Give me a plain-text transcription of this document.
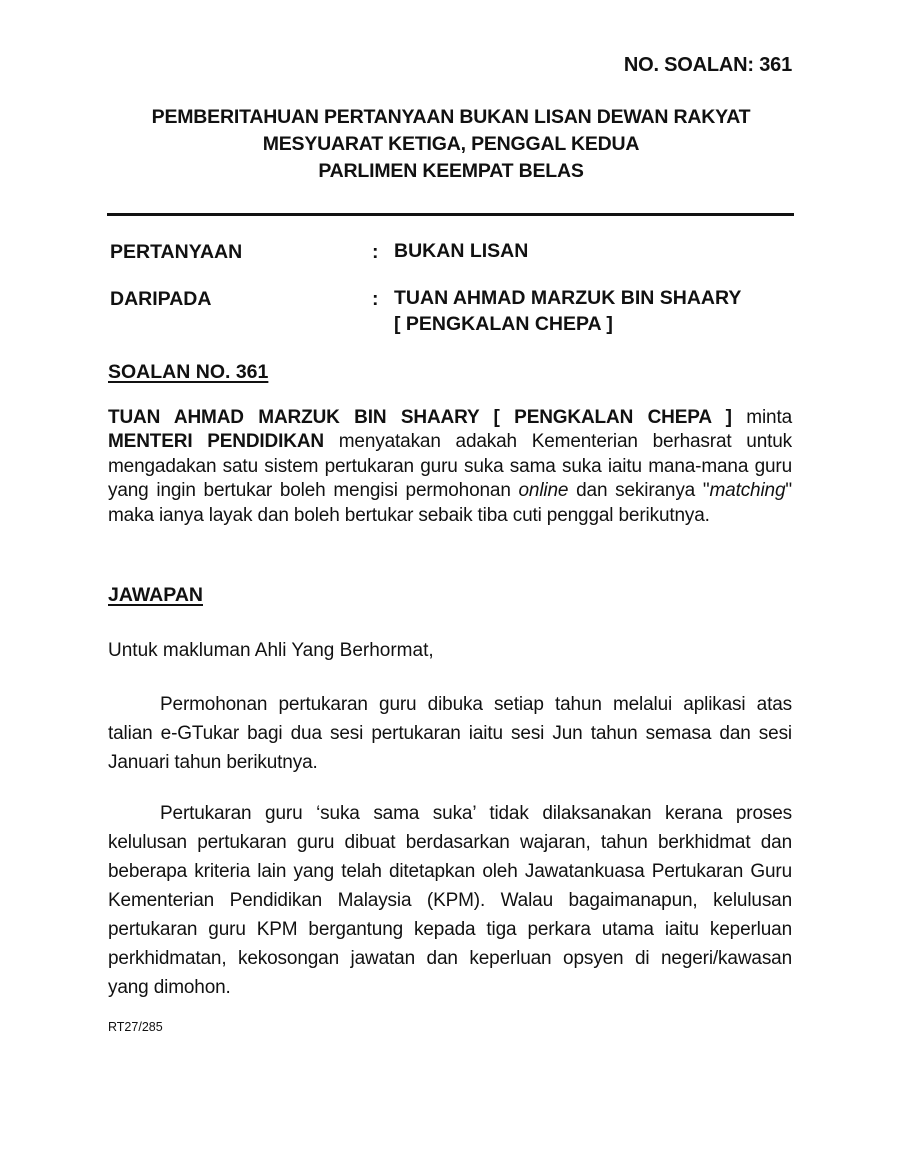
NO. SOALAN: 361
PEMBERITAHUAN PERTANYAAN BUKAN LISAN DEWAN RAKYAT
MESYUARAT KETIGA, PENGGAL KEDUA
PARLIMEN KEEMPAT BELAS
PERTANYAAN	: BUKAN LISAN
DARIPADA	: TUAN AHMAD MARZUK BIN SHAARY
[ PENGKALAN CHEPA ]
SOALAN NO. 361

TUAN AHMAD MARZUK BIN SHAARY [ PENGKALAN CHEPA ] minta MENTERI PENDIDIKAN menyatakan adakah Kementerian berhasrat untuk mengadakan satu sistem pertukaran guru suka sama suka iaitu mana-mana guru yang ingin bertukar boleh mengisi permohonan online dan sekiranya "matching" maka ianya layak dan boleh bertukar sebaik tiba cuti penggal berikutnya.

JAWAPAN
Untuk makluman Ahli Yang Berhormat,

Permohonan pertukaran guru dibuka setiap tahun melalui aplikasi atas talian e-GTukar bagi dua sesi pertukaran iaitu sesi Jun tahun semasa dan sesi Januari tahun berikutnya.

Pertukaran guru ‘suka sama suka’ tidak dilaksanakan kerana proses kelulusan pertukaran guru dibuat berdasarkan wajaran, tahun berkhidmat dan beberapa kriteria lain yang telah ditetapkan oleh Jawatankuasa Pertukaran Guru Kementerian Pendidikan Malaysia (KPM). Walau bagaimanapun, kelulusan pertukaran guru KPM bergantung kepada tiga perkara utama iaitu keperluan perkhidmatan, kekosongan jawatan dan keperluan opsyen di negeri/kawasan yang dimohon.

RT27/285
